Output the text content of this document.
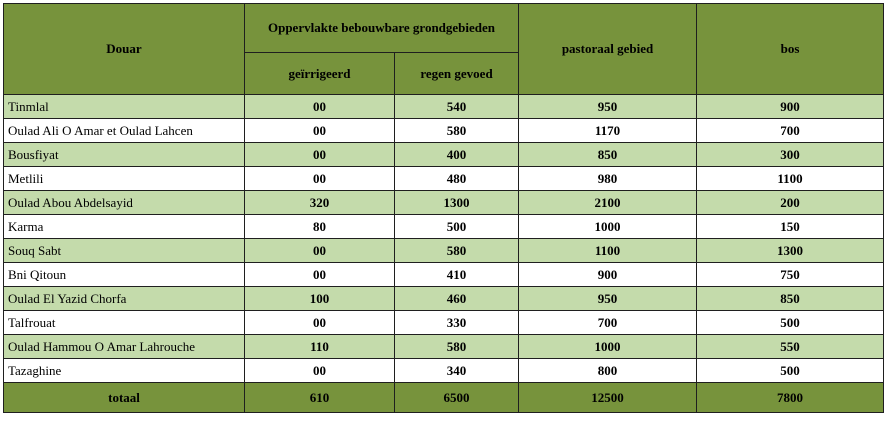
Douar	Oppervlakte bebouwbare grondgebieden		pastoraal gebied	bos
	geïrrigeerd	regen gevoed		
Tinmlal	00	540	950	900
Oulad Ali O Amar et Oulad Lahcen	00	580	1170	700
Bousfiyat	00	400	850	300
Metlili	00	480	980	1100
Oulad Abou Abdelsayid	320	1300	2100	200
Karma	80	500	1000	150
Souq Sabt	00	580	1100	1300
Bni Qitoun	00	410	900	750
Oulad El Yazid Chorfa	100	460	950	850
Talfrouat	00	330	700	500
Oulad Hammou O Amar Lahrouche	110	580	1000	550
Tazaghine	00	340	800	500
totaal	610	6500	12500	7800
